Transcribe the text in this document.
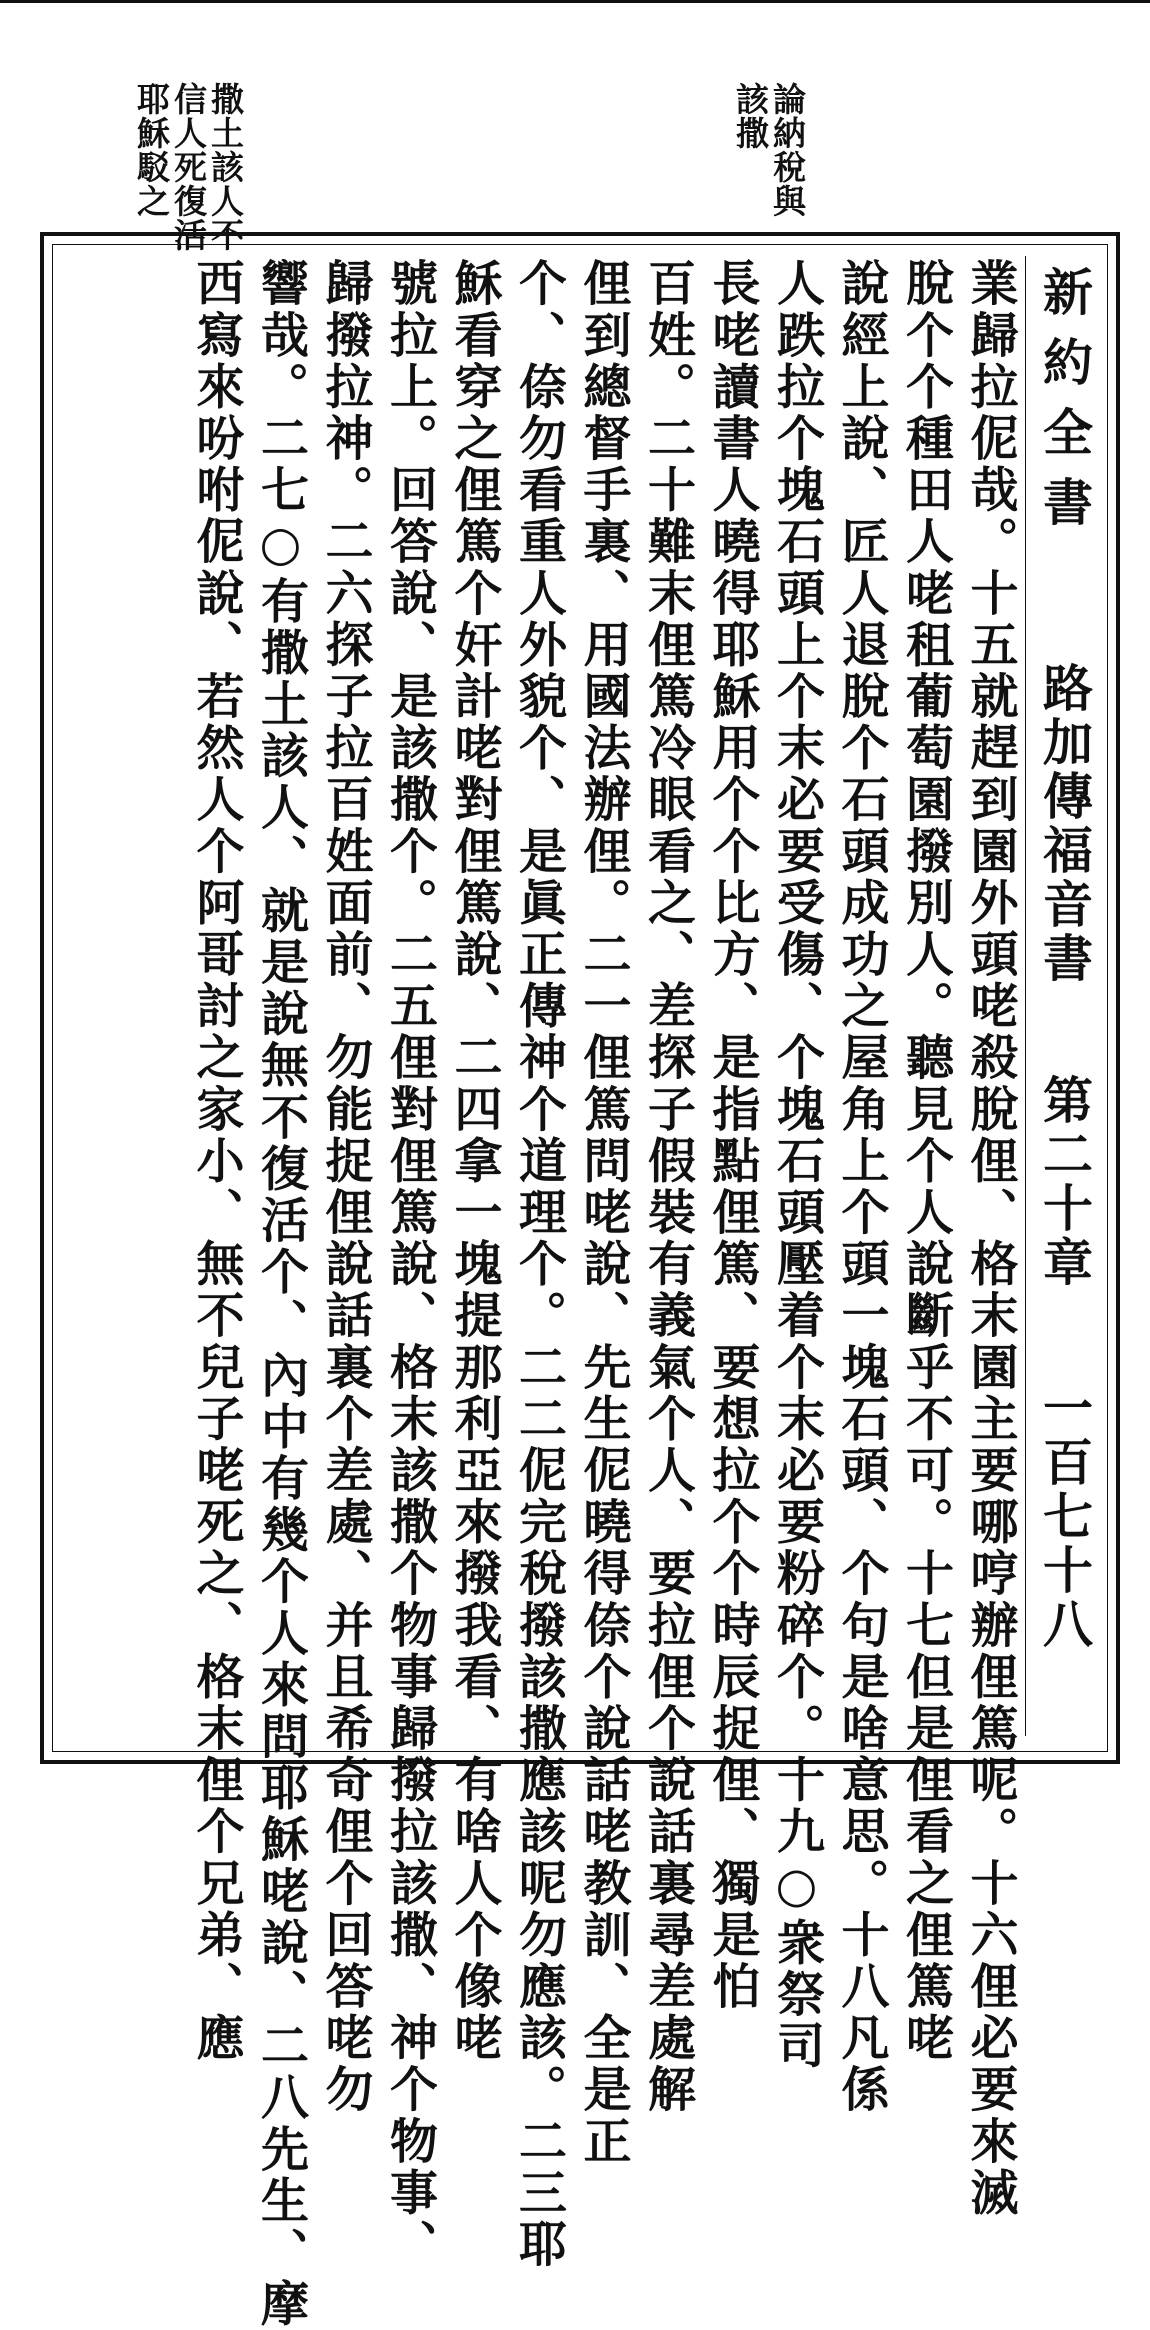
論納稅與該撒
撒土該人不信人死復活耶穌駁之
新約全書
路加傳福音書
第二十章
一百七十八
業歸拉伲哉。十五就趕到園外頭咾殺脫俚、格末園主要哪哼辦俚篤呢。十六俚必要來滅
脫个个種田人咾租葡萄園撥別人。聽見个人說斷乎不可。十七但是俚看之俚篤咾
說經上說、匠人退脫个石頭成功之屋角上个頭一塊石頭、个句是啥意思。十八凡係
人跌拉个塊石頭上个末必要受傷、个塊石頭壓着个末必要粉碎个。十九○衆祭司
長咾讀書人曉得耶穌用个个比方、是指點俚篤、要想拉个个時辰捉俚、獨是怕
百姓。二十難末俚篤冷眼看之、差探子假裝有義氣个人、要拉俚个說話裏尋差處解
俚到總督手裏、用國法辦俚。二一俚篤問咾說、先生伲曉得倷个說話咾教訓、全是正
个、倷勿看重人外貌个、是眞正傳神个道理个。二二伲完稅撥該撒應該呢勿應該。二三耶
穌看穿之俚篤个奸計咾對俚篤說、二四拿一塊提那利亞來撥我看、有啥人个像咾
號拉上。回答說、是該撒个。二五俚對俚篤說、格末該撒个物事歸撥拉該撒、神个物事、
歸撥拉神。二六探子拉百姓面前、勿能捉俚說話裏个差處、并且希奇俚个回答咾勿
響哉。二七○有撒土該人、就是說無不復活个、內中有幾个人來問耶穌咾說、二八先生、摩
西寫來吩咐伲說、若然人个阿哥討之家小、無不兒子咾死之、格末俚个兄弟、應
